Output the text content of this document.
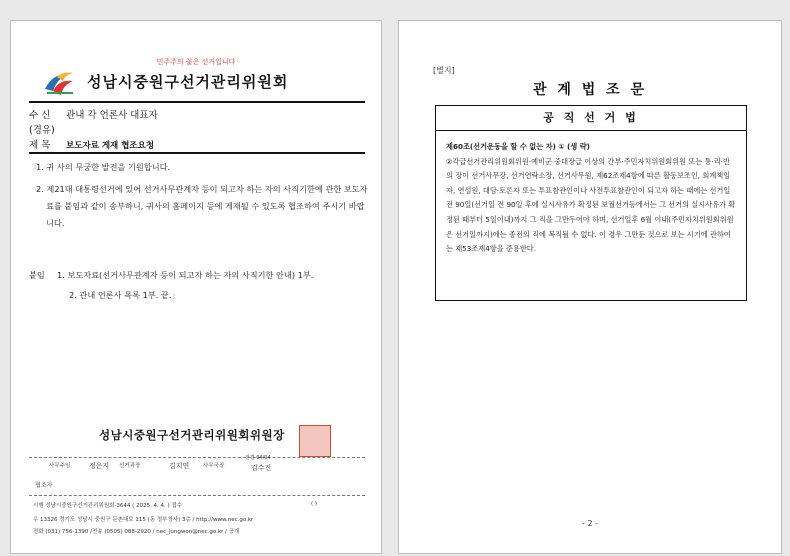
민주주의 꽃은 선거입니다
성남시중원구선거관리위원회
수 신 관내 각 언론사 대표자
(경유)
제 목 보도자료 게재 협조요청
「
1. 귀 사의 무궁한 발전을 기원합니다.
2. 제21대 대통령선거에 있어 선거사무관계자 등이 되고자 하는 자의 사직기한에 관한 보도자료를 붙임과 같이 송부하니, 귀사의 홈페이지 등에 게재될 수 있도록 협조하여 주시기 바랍니다.
붙임 1. 보도자료(선거사무관계자 등이 되고자 하는 자의 사직기한 안내) 1부.
2. 관내 언론사 목록 1부. 끝.」
성남시중원구선거관리위원회위원장
사무주임	정은지 선거과장	김지연 사무국장
전결 04/04
김수진
협조자
시행 성남시중원구선거관리위원회-3644 ( 2025. 4. 4. ) 접수	( )
우 13326 경기도 성남시 중원구 둔촌대로 115 (동 정부청사) 3층 / http://www.nec.go.kr
전화 (031) 756-1390 /전송 (0505) 088-2920 / nec_jungwon@nec.go.kr / 공개
[별지]
관 계 법 조 문
공 직 선 거 법
제60조(선거운동을 할 수 없는 자) ① (생 략)
②각급선거관리위원회위원·예비군 중대장급 이상의 간부·주민자치위원회위원 또는 통·리·반의 장이 선거사무장, 선거연락소장, 선거사무원, 제62조제4항에 따른 활동보조인, 회계책임자, 연설원, 대담·토론자 또는 투표참관인이나 사전투표참관인이 되고자 하는 때에는 선거일전 90일(선거일 전 90일 후에 실시사유가 확정된 보궐선거등에서는 그 선거의 실시사유가 확정된 때부터 5일이내)까지 그 직을 그만두어야 하며, 선거일후 6월 이내(주민자치위원회위원은 선거일까지)에는 종전의 직에 복직될 수 없다. 이 경우 그만둔 것으로 보는 시기에 관하여는 제53조제4항을 준용한다.
- 2 -
